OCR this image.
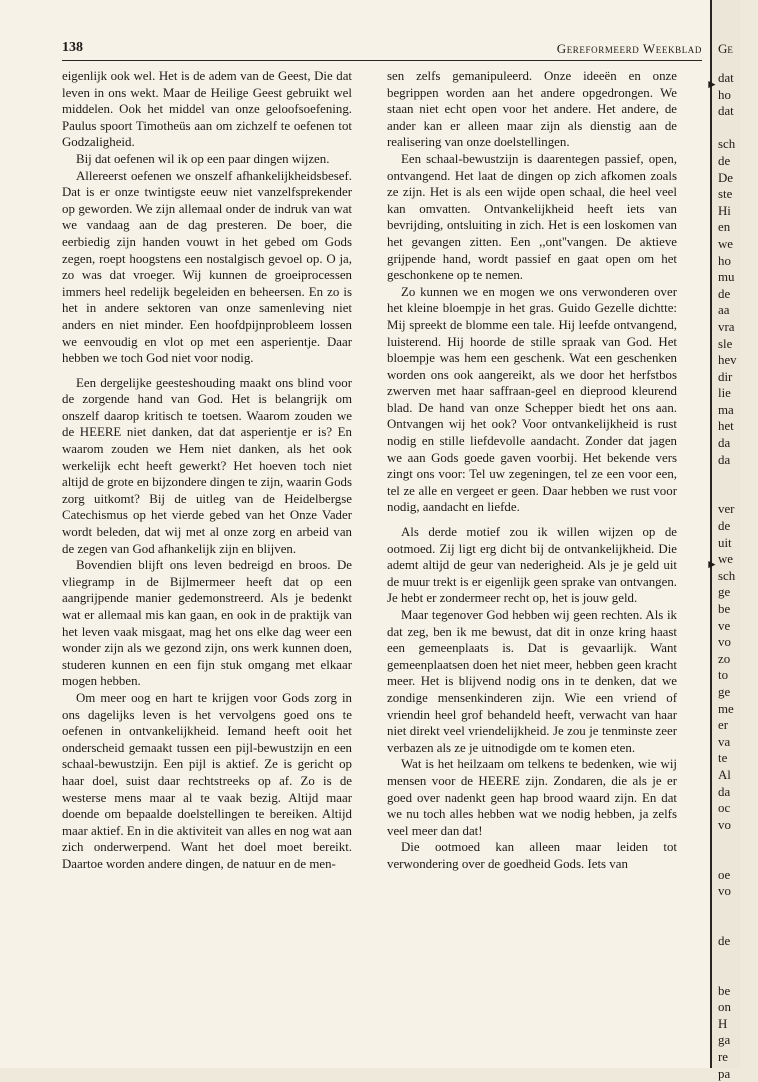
138	Gereformeerd Weekblad

eigenlijk ook wel. Het is de adem van de Geest, Die dat leven in ons wekt. Maar de Heilige Geest gebruikt wel middelen. Ook het middel van onze geloofsoefening. Paulus spoort Timotheüs aan om zichzelf te oefenen tot Godzaligheid.

Bij dat oefenen wil ik op een paar dingen wijzen.

Allereerst oefenen we onszelf afhankelijkheidsbesef. Dat is er onze twintigste eeuw niet vanzelfsprekender op geworden. We zijn allemaal onder de indruk van wat we vandaag aan de dag presteren. De boer, die eerbiedig zijn handen vouwt in het gebed om Gods zegen, roept hoogstens een nostalgisch gevoel op. O ja, zo was dat vroeger. Wij kunnen de groeiprocessen immers heel redelijk begeleiden en beheersen. En zo is het in andere sektoren van onze samenleving niet anders en niet minder. Een hoofdpijnprobleem lossen we eenvoudig en vlot op met een asperientje. Daar hebben we toch God niet voor nodig.

Een dergelijke geesteshouding maakt ons blind voor de zorgende hand van God. Het is belangrijk om onszelf daarop kritisch te toetsen. Waarom zouden we de HEERE niet danken, dat dat asperientje er is? En waarom zouden we Hem niet danken, als het ook werkelijk echt heeft gewerkt? Het hoeven toch niet altijd de grote en bijzondere dingen te zijn, waarin Gods zorg uitkomt? Bij de uitleg van de Heidelbergse Catechismus op het vierde gebed van het Onze Vader wordt beleden, dat wij met al onze zorg en arbeid van de zegen van God afhankelijk zijn en blijven.

Bovendien blijft ons leven bedreigd en broos. De vliegramp in de Bijlmermeer heeft dat op een aangrijpende manier gedemonstreerd. Als je bedenkt wat er allemaal mis kan gaan, en ook in de praktijk van het leven vaak misgaat, mag het ons elke dag weer een wonder zijn als we gezond zijn, ons werk kunnen doen, studeren kunnen en een fijn stuk omgang met elkaar mogen hebben.

Om meer oog en hart te krijgen voor Gods zorg in ons dagelijks leven is het vervolgens goed ons te oefenen in ontvankelijkheid. Iemand heeft ooit het onderscheid gemaakt tussen een pijl-bewustzijn en een schaal-bewustzijn. Een pijl is aktief. Ze is gericht op haar doel, suist daar rechtstreeks op af. Zo is de westerse mens maar al te vaak bezig. Altijd maar doende om bepaalde doelstellingen te bereiken. Altijd maar aktief. En in die aktiviteit van alles en nog wat aan zich onderwerpend. Want het doel moet bereikt. Daartoe worden andere dingen, de natuur en de men-

sen zelfs gemanipuleerd. Onze ideeën en onze begrippen worden aan het andere opgedrongen. We staan niet echt open voor het andere. Het andere, de ander kan er alleen maar zijn als dienstig aan de realisering van onze doelstellingen.

Een schaal-bewustzijn is daarentegen passief, open, ontvangend. Het laat de dingen op zich afkomen zoals ze zijn. Het is als een wijde open schaal, die heel veel kan omvatten. Ontvankelijkheid heeft iets van bevrijding, ontsluiting in zich. Het is een loskomen van het gevangen zitten. Een ,,ont''vangen. De aktieve grijpende hand, wordt passief en gaat open om het geschonkene op te nemen.

Zo kunnen we en mogen we ons verwonderen over het kleine bloempje in het gras. Guido Gezelle dichtte: Mij spreekt de blomme een tale. Hij leefde ontvangend, luisterend. Hij hoorde de stille spraak van God. Het bloempje was hem een geschenk. Wat een geschenken worden ons ook aangereikt, als we door het herfstbos zwerven met haar saffraan-geel en dieprood kleurend blad. De hand van onze Schepper biedt het ons aan. Ontvangen wij het ook? Voor ontvankelijkheid is rust nodig en stille liefdevolle aandacht. Zonder dat jagen we aan Gods goede gaven voorbij. Het bekende vers zingt ons voor: Tel uw zegeningen, tel ze een voor een, tel ze alle en vergeet er geen. Daar hebben we rust voor nodig, aandacht en liefde.

Als derde motief zou ik willen wijzen op de ootmoed. Zij ligt erg dicht bij de ontvankelijkheid. Die ademt altijd de geur van nederigheid. Als je je geld uit de muur trekt is er eigenlijk geen sprake van ontvangen. Je hebt er zondermeer recht op, het is jouw geld.

Maar tegenover God hebben wij geen rechten. Als ik dat zeg, ben ik me bewust, dat dit in onze kring haast een gemeenplaats is. Dat is gevaarlijk. Want gemeenplaatsen doen het niet meer, hebben geen kracht meer. Het is blijvend nodig ons in te denken, dat we zondige mensenkinderen zijn. Wie een vriend of vriendin heel grof behandeld heeft, verwacht van haar niet direkt veel vriendelijkheid. Je zou je tenminste zeer verbazen als ze je uitnodigde om te komen eten.

Wat is het heilzaam om telkens te bedenken, wie wij mensen voor de HEERE zijn. Zondaren, die als je er goed over nadenkt geen hap brood waard zijn. En dat we nu toch alles hebben wat we nodig hebben, ja zelfs veel meer dan dat!

Die ootmoed kan alleen maar leiden tot verwondering over de goedheid Gods. Iets van

Ge
dat
ho
dat
sch
de
De
ste
Hi
en
we
ho
mu
de
aa
vra
sle
hev
dir
lie
ma
het
da
da
ver
de
uit
we
sch
ge
be
ve
vo
zo
to
ge
me
er
va
te
Al
da
oc
vo
oe
vo
de
be
on
H
ga
re
pa
►
►
